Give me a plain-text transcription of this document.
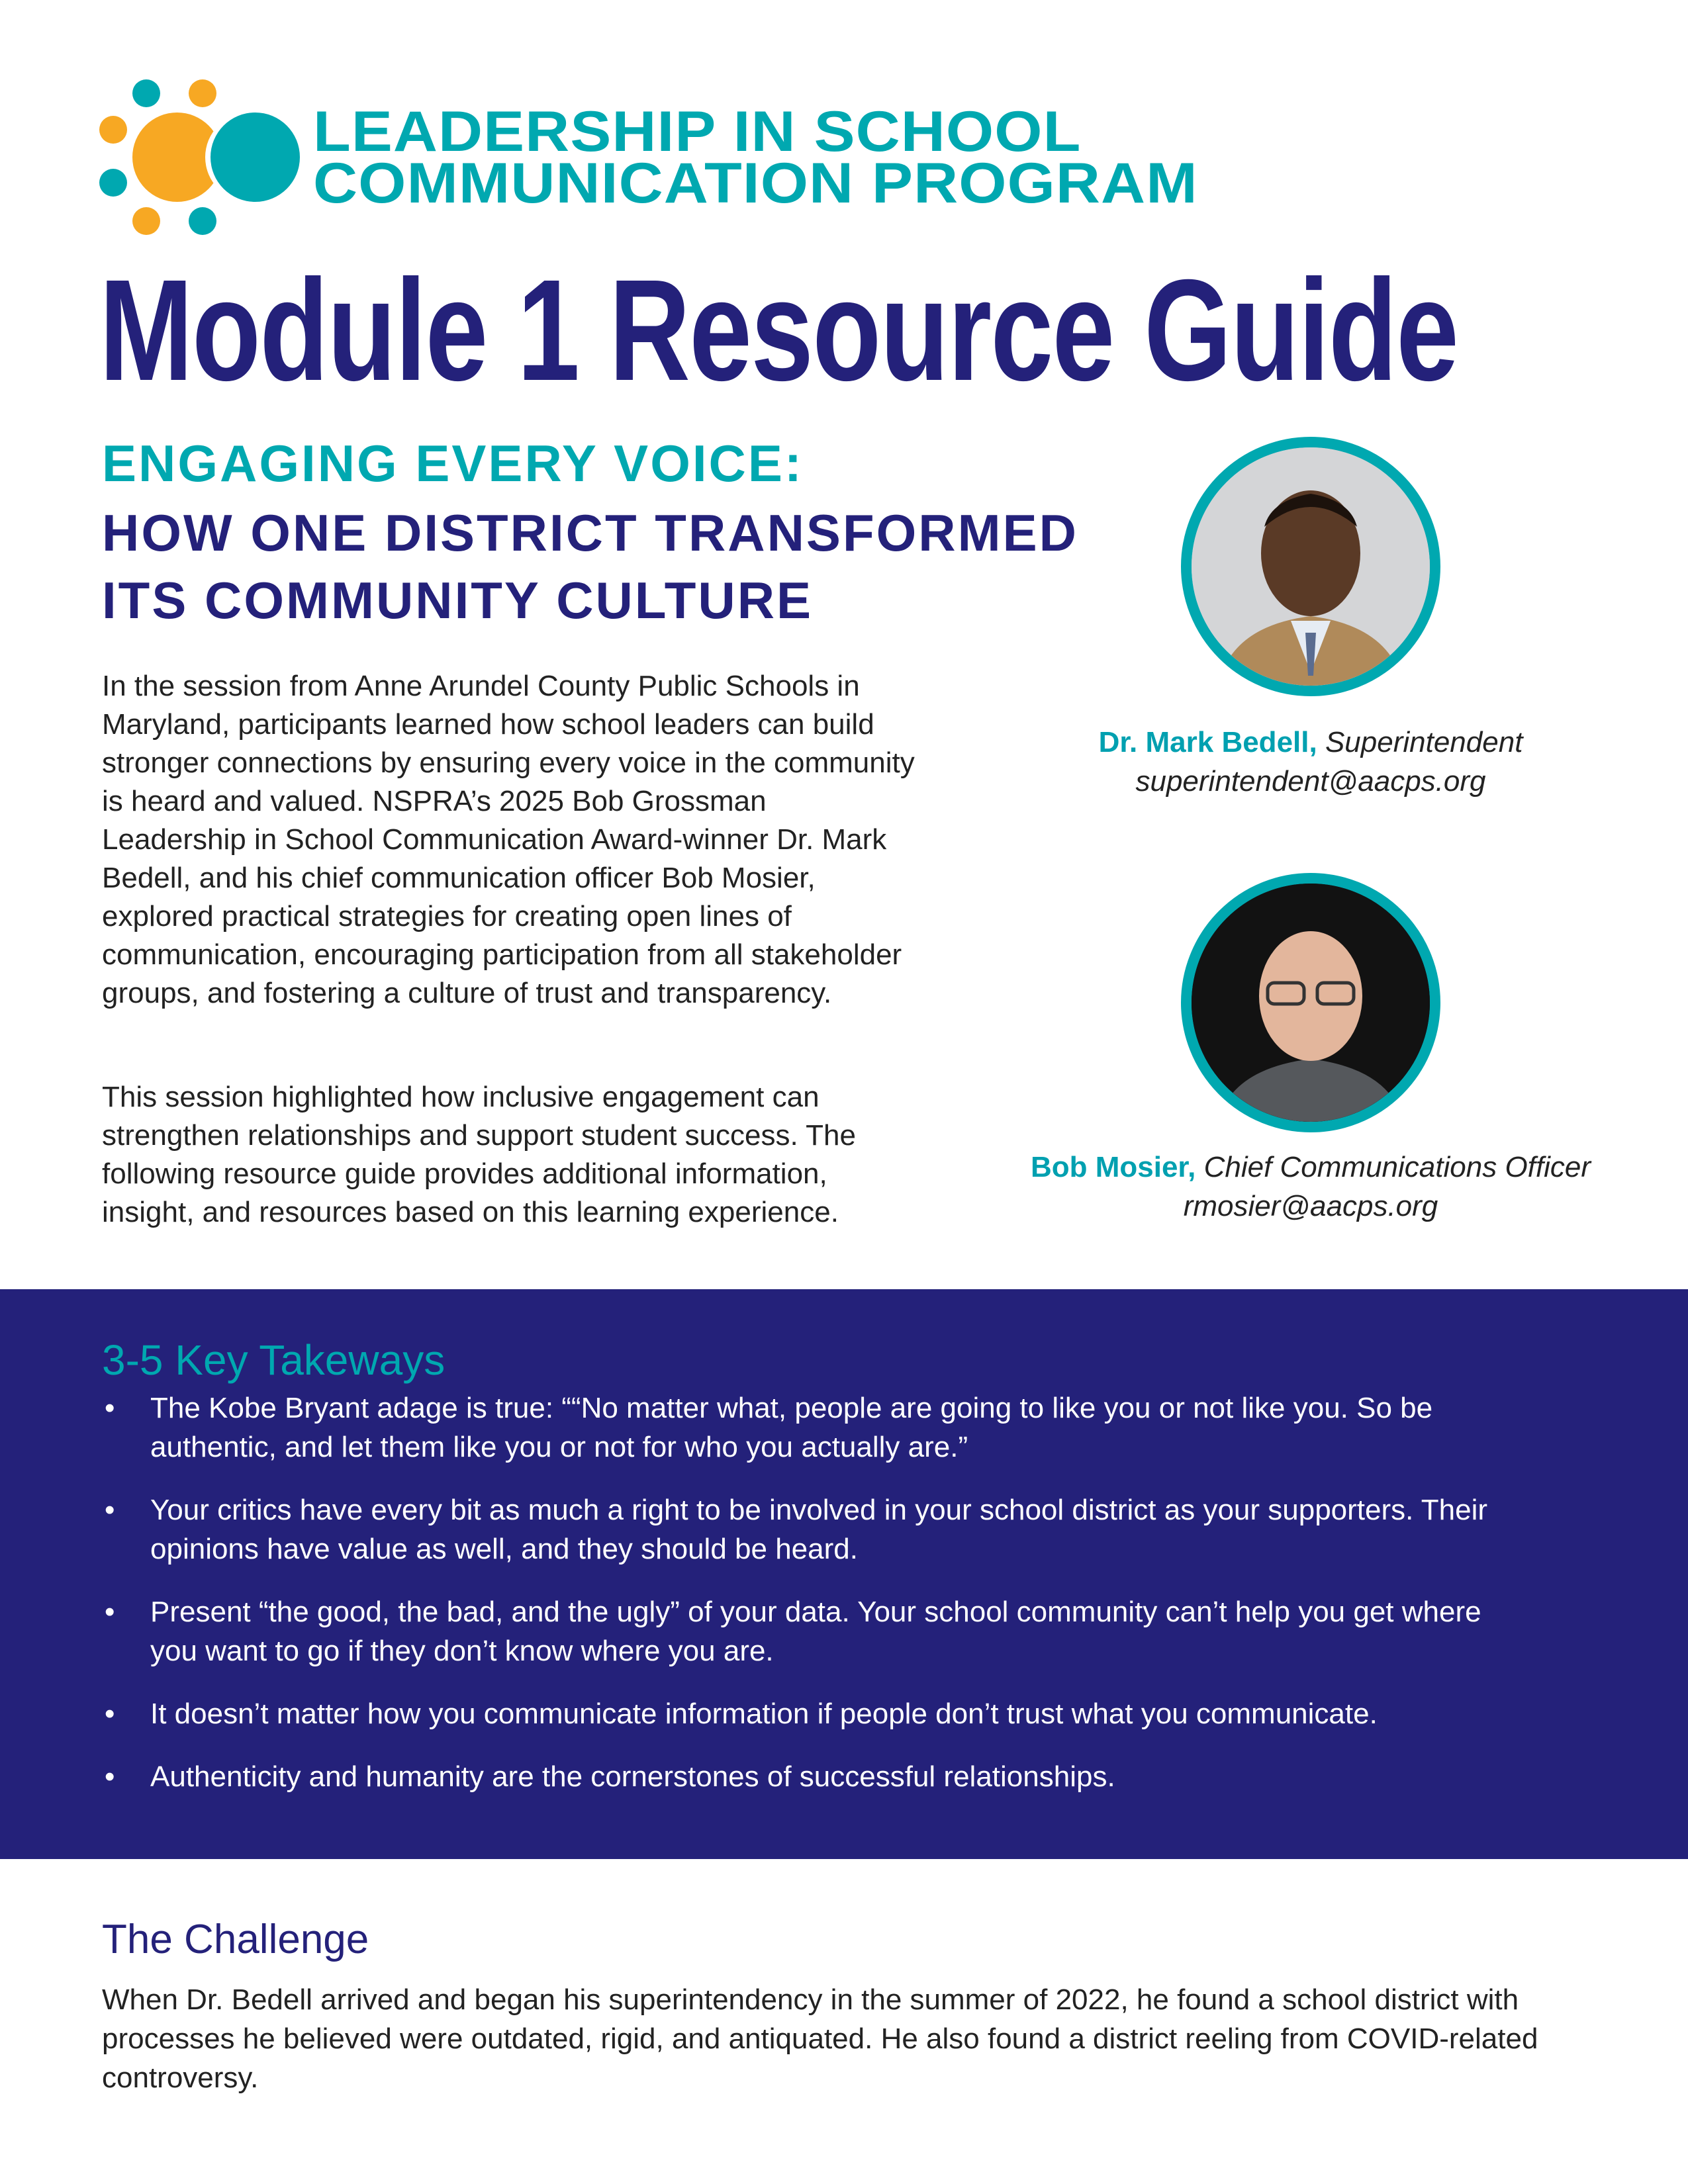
LEADERSHIP IN SCHOOL
COMMUNICATION PROGRAM
Module 1 Resource Guide
ENGAGING EVERY VOICE:
HOW ONE DISTRICT TRANSFORMED
ITS COMMUNITY CULTURE

In the session from Anne Arundel County Public Schools in Maryland, participants learned how school leaders can build stronger connections by ensuring every voice in the community is heard and valued. NSPRA’s 2025 Bob Grossman Leadership in School Communication Award-winner Dr. Mark Bedell, and his chief communication officer Bob Mosier, explored practical strategies for creating open lines of communication, encouraging participation from all stakeholder groups, and fostering a culture of trust and transparency.

This session highlighted how inclusive engagement can strengthen relationships and support student success. The following resource guide provides additional information, insight, and resources based on this learning experience.

Dr. Mark Bedell, Superintendent
superintendent@aacps.org
Bob Mosier, Chief Communications Officer
rmosier@aacps.org
3-5 Key Takeways
• The Kobe Bryant adage is true: ““No matter what, people are going to like you or not like you. So be authentic, and let them like you or not for who you actually are.”
• Your critics have every bit as much a right to be involved in your school district as your supporters. Their opinions have value as well, and they should be heard.
• Present “the good, the bad, and the ugly” of your data. Your school community can’t help you get where you want to go if they don’t know where you are.
• It doesn’t matter how you communicate information if people don’t trust what you communicate.
• Authenticity and humanity are the cornerstones of successful relationships.
The Challenge

When Dr. Bedell arrived and began his superintendency in the summer of 2022, he found a school district with processes he believed were outdated, rigid, and antiquated. He also found a district reeling from COVID-related controversy.
